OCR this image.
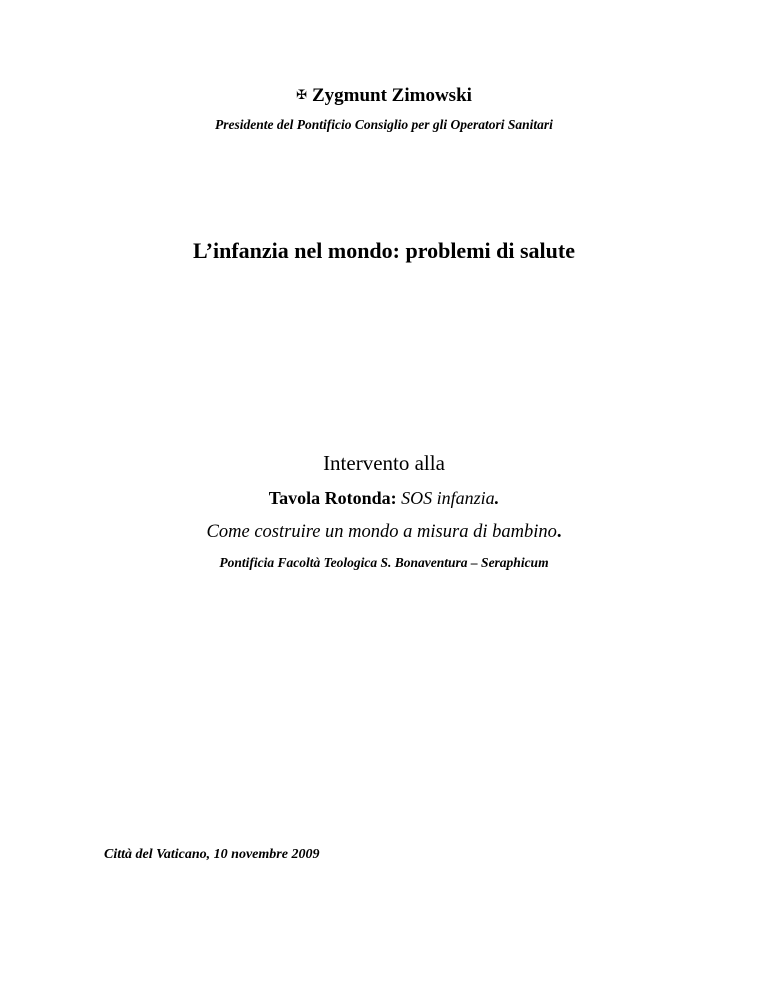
✠ Zygmunt Zimowski
Presidente del Pontificio Consiglio per gli Operatori Sanitari
L’infanzia nel mondo: problemi di salute
Intervento alla
Tavola Rotonda: SOS infanzia.
Come costruire un mondo a misura di bambino.
Pontificia Facoltà Teologica S. Bonaventura – Seraphicum
Città del Vaticano, 10 novembre 2009
